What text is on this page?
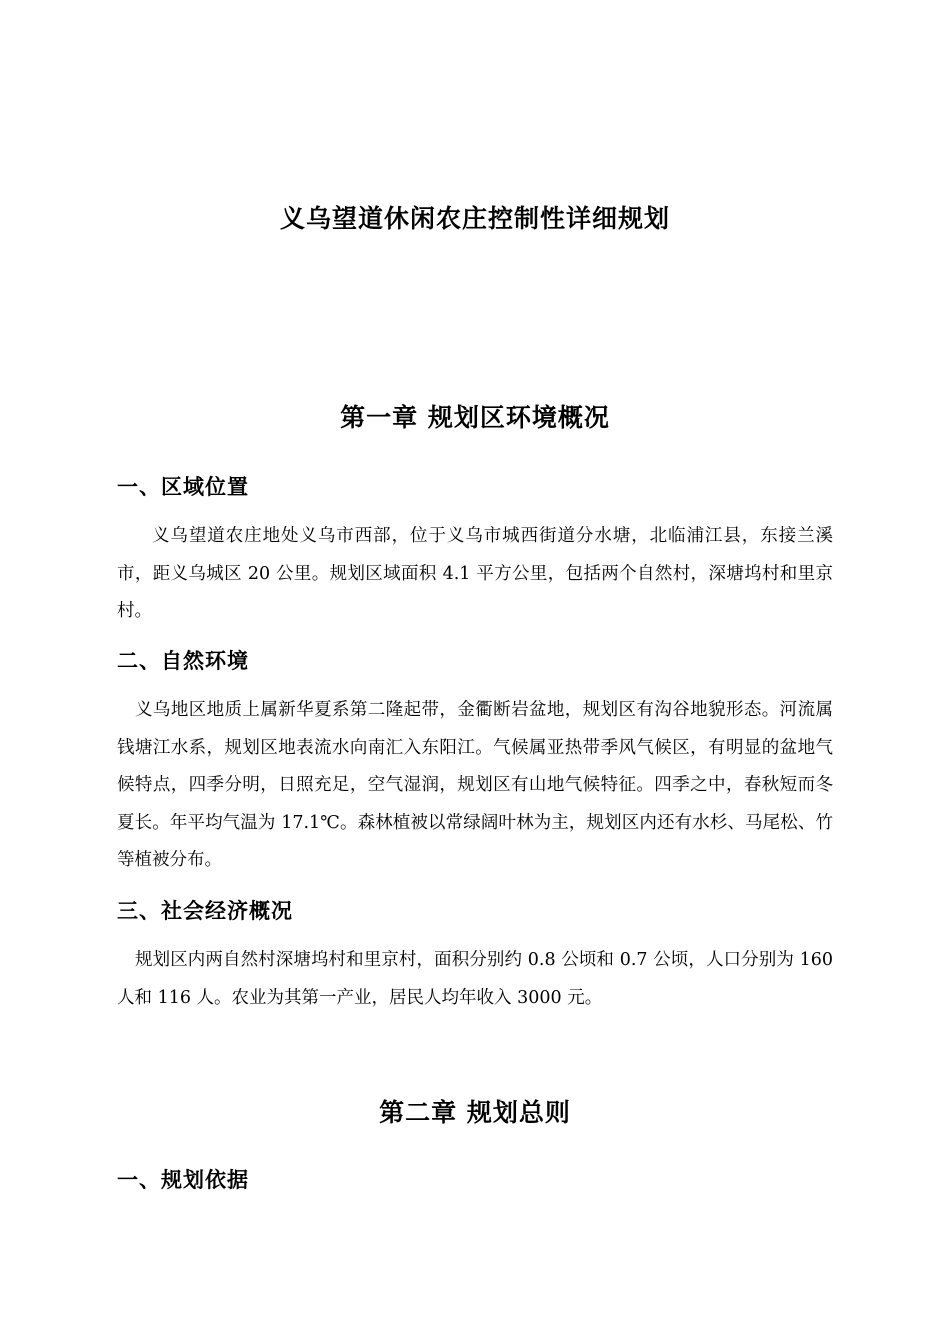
义乌望道休闲农庄控制性详细规划
第一章 规划区环境概况
一、区域位置

义乌望道农庄地处义乌市西部，位于义乌市城西街道分水塘，北临浦江县，东接兰溪市，距义乌城区 20 公里。规划区域面积 4.1 平方公里，包括两个自然村，深塘坞村和里京村。

二、自然环境

义乌地区地质上属新华夏系第二隆起带，金衢断岩盆地，规划区有沟谷地貌形态。河流属钱塘江水系，规划区地表流水向南汇入东阳江。气候属亚热带季风气候区，有明显的盆地气候特点，四季分明，日照充足，空气湿润，规划区有山地气候特征。四季之中，春秋短而冬夏长。年平均气温为 17.1℃。森林植被以常绿阔叶林为主，规划区内还有水杉、马尾松、竹等植被分布。

三、社会经济概况

规划区内两自然村深塘坞村和里京村，面积分别约 0.8 公顷和 0.7 公顷，人口分别为 160 人和 116 人。农业为其第一产业，居民人均年收入 3000 元。

第二章 规划总则
一、规划依据
